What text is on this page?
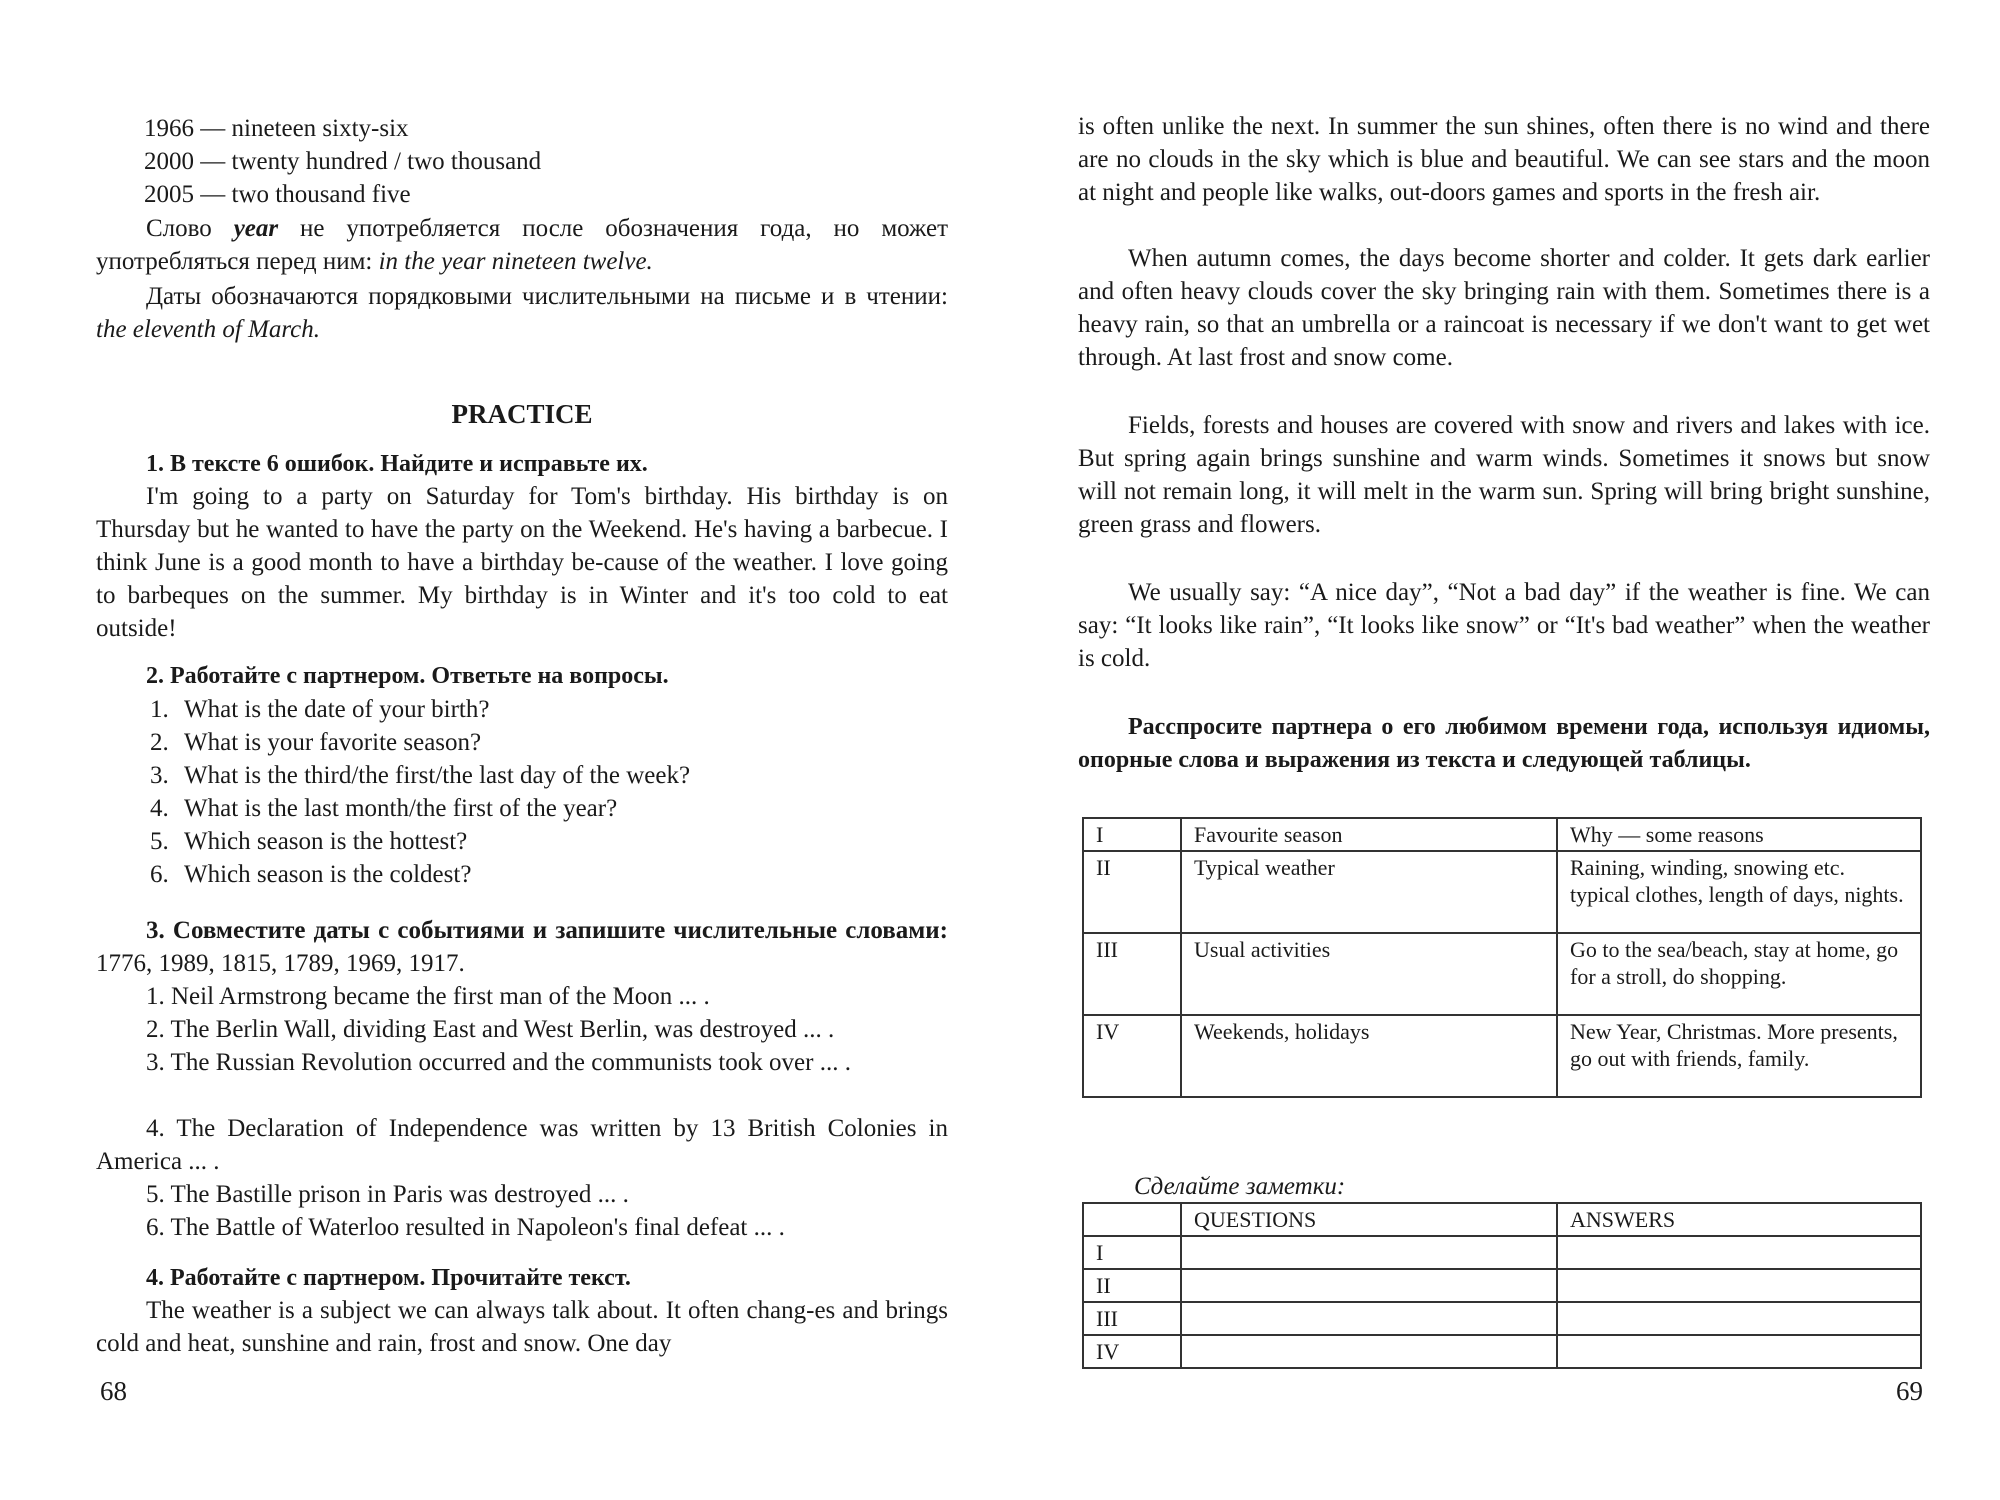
1966 — nineteen sixty-six
2000 — twenty hundred / two thousand
2005 — two thousand five

Слово year не употребляется после обозначения года, но может употребляться перед ним: in the year nineteen twelve.

Даты обозначаются порядковыми числительными на письме и в чтении: the eleventh of March.

PRACTICE
1. В тексте 6 ошибок. Найдите и исправьте их.

I'm going to a party on Saturday for Tom's birthday. His birthday is on Thursday but he wanted to have the party on the Weekend. He's having a barbecue. I think June is a good month to have a birthday be-cause of the weather. I love going to barbeques on the summer. My birthday is in Winter and it's too cold to eat outside!

2. Работайте с партнером. Ответьте на вопросы.
1. What is the date of your birth?
2. What is your favorite season?
3. What is the third/the first/the last day of the week?
4. What is the last month/the first of the year?
5. Which season is the hottest?
6. Which season is the coldest?

3. Совместите даты с событиями и запишите числительные словами: 1776, 1989, 1815, 1789, 1969, 1917.

1. Neil Armstrong became the first man of the Moon ... .

2. The Berlin Wall, dividing East and West Berlin, was destroyed ... .

3. The Russian Revolution occurred and the communists took over ... .

4. The Declaration of Independence was written by 13 British Colonies in America ... .

5. The Bastille prison in Paris was destroyed ... .

6. The Battle of Waterloo resulted in Napoleon's final defeat ... .

4. Работайте с партнером. Прочитайте текст.

The weather is a subject we can always talk about. It often chang-es and brings cold and heat, sunshine and rain, frost and snow. One day

68

is often unlike the next. In summer the sun shines, often there is no wind and there are no clouds in the sky which is blue and beautiful. We can see stars and the moon at night and people like walks, out-doors games and sports in the fresh air.

When autumn comes, the days become shorter and colder. It gets dark earlier and often heavy clouds cover the sky bringing rain with them. Sometimes there is a heavy rain, so that an umbrella or a raincoat is necessary if we don't want to get wet through. At last frost and snow come.

Fields, forests and houses are covered with snow and rivers and lakes with ice. But spring again brings sunshine and warm winds. Sometimes it snows but snow will not remain long, it will melt in the warm sun. Spring will bring bright sunshine, green grass and flowers.

We usually say: “A nice day”, “Not a bad day” if the weather is fine. We can say: “It looks like rain”, “It looks like snow” or “It's bad weather” when the weather is cold.

Расспросите партнера о его любимом времени года, используя идиомы, опорные слова и выражения из текста и следующей таблицы.

I	Favourite season	Why — some reasons
II	Typical weather	Raining, winding, snowing etc. typical clothes, length of days, nights.
III	Usual activities	Go to the sea/beach, stay at home, go for a stroll, do shopping.
IV	Weekends, holidays	New Year, Christmas. More presents, go out with friends, family.
Сделайте заметки:
	QUESTIONS	ANSWERS
I		
II		
III		
IV		
69
